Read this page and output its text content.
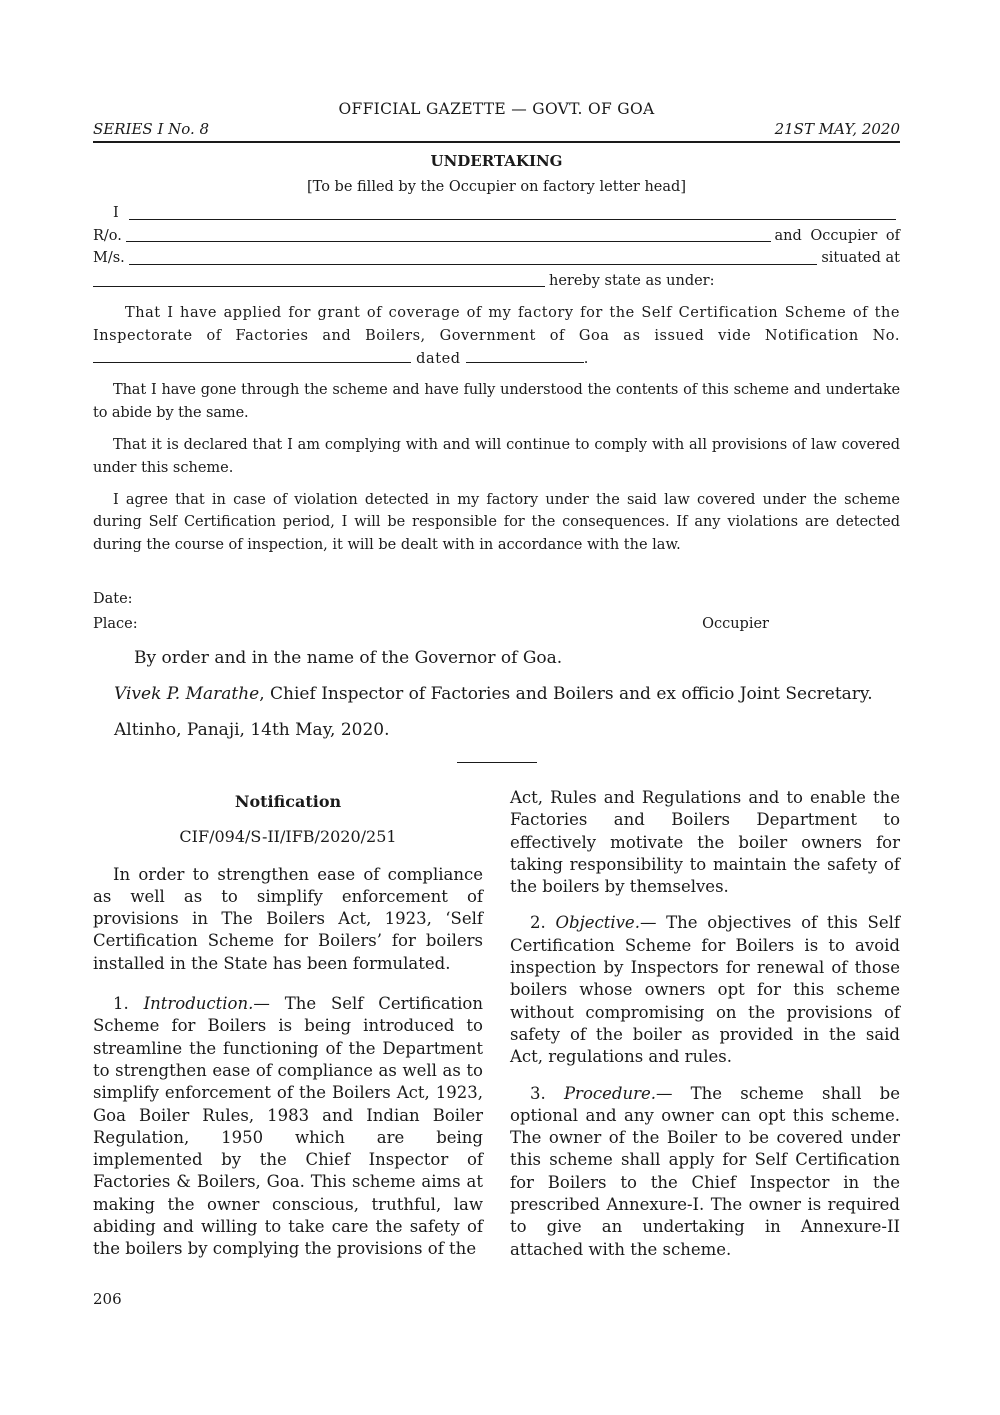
OFFICIAL GAZETTE — GOVT. OF GOA
SERIES I No. 8	21ST MAY, 2020
UNDERTAKING
[To be filled by the Occupier on factory letter head]
I
R/o.	and Occupier of
M/s.	situated at
hereby state as under:

That I have applied for grant of coverage of my factory for the Self Certification Scheme of the Inspectorate of Factories and Boilers, Government of Goa as issued vide Notification No.  dated	.

That I have gone through the scheme and have fully understood the contents of this scheme and undertake to abide by the same.

That it is declared that I am complying with and will continue to comply with all provisions of law covered under this scheme.

I agree that in case of violation detected in my factory under the said law covered under the scheme during Self Certification period, I will be responsible for the consequences. If any violations are detected during the course of inspection, it will be dealt with in accordance with the law.

Date:
Place:	Occupier
By order and in the name of the Governor of Goa.
Vivek P. Marathe, Chief Inspector of Factories and Boilers and ex officio Joint Secretary.
Altinho, Panaji, 14th May, 2020.
Notification
CIF/094/S-II/IFB/2020/251

In order to strengthen ease of compliance as well as to simplify enforcement of provisions in The Boilers Act, 1923, ‘Self Certification Scheme for Boilers’ for boilers installed in the State has been formulated.

1. Introduction.— The Self Certification Scheme for Boilers is being introduced to streamline the functioning of the Department to strengthen ease of compliance as well as to simplify enforcement of the Boilers Act, 1923, Goa Boiler Rules, 1983 and Indian Boiler Regulation, 1950 which are being implemented by the Chief Inspector of Factories & Boilers, Goa. This scheme aims at making the owner conscious, truthful, law abiding and willing to take care the safety of the boilers by complying the provisions of the

Act, Rules and Regulations and to enable the Factories and Boilers Department to effectively motivate the boiler owners for taking responsibility to maintain the safety of the boilers by themselves.

2. Objective.— The objectives of this Self Certification Scheme for Boilers is to avoid inspection by Inspectors for renewal of those boilers whose owners opt for this scheme without compromising on the provisions of safety of the boiler as provided in the said Act, regulations and rules.

3. Procedure.— The scheme shall be optional and any owner can opt this scheme. The owner of the Boiler to be covered under this scheme shall apply for Self Certification for Boilers to the Chief Inspector in the prescribed Annexure-I. The owner is required to give an undertaking in Annexure-II attached with the scheme.

206
